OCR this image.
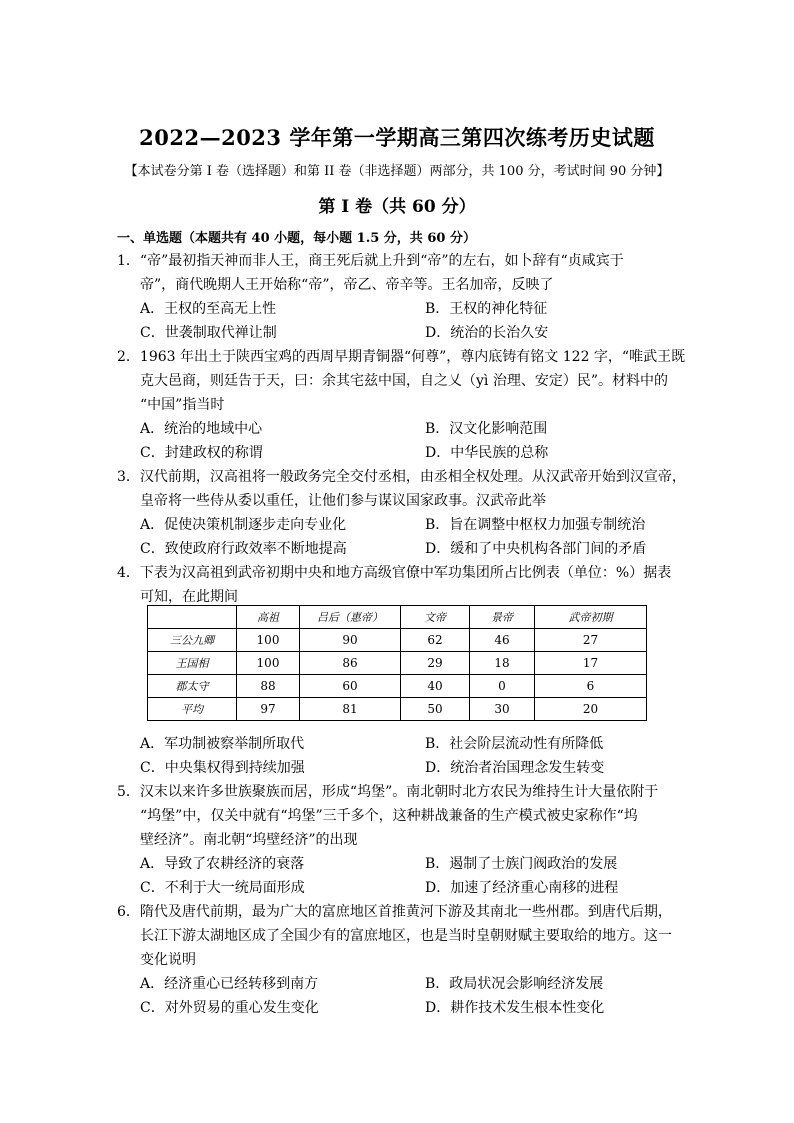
2022—2023 学年第一学期高三第四次练考历史试题
【本试卷分第 I 卷（选择题）和第 II 卷（非选择题）两部分，共 100 分，考试时间 90 分钟】
第 I 卷（共 60 分）
一、单选题（本题共有 40 小题，每小题 1.5 分，共 60 分）
1．“帝”最初指天神而非人王，商王死后就上升到“帝”的左右，如卜辞有“贞咸宾于
帝”，商代晚期人王开始称“帝”，帝乙、帝辛等。王名加帝，反映了
A．王权的至高无上性	B．王权的神化特征
C．世袭制取代禅让制	D．统治的长治久安
2．1963 年出土于陕西宝鸡的西周早期青铜器“何尊”，尊内底铸有铭文 122 字，“唯武王既
克大邑商，则廷告于天，曰：余其宅兹中国，自之乂（yì 治理、安定）民”。材料中的
“中国”指当时
A．统治的地域中心	B．汉文化影响范围
C．封建政权的称谓	D．中华民族的总称
3．汉代前期，汉高祖将一般政务完全交付丞相，由丞相全权处理。从汉武帝开始到汉宣帝，
皇帝将一些侍从委以重任，让他们参与谋议国家政事。汉武帝此举
A．促使决策机制逐步走向专业化	B．旨在调整中枢权力加强专制统治
C．致使政府行政效率不断地提高	D．缓和了中央机构各部门间的矛盾
4．下表为汉高祖到武帝初期中央和地方高级官僚中军功集团所占比例表（单位：%）据表
可知，在此期间
	高祖	吕后（惠帝）	文帝	景帝	武帝初期
三公九卿	100	90	62	46	27
王国相	100	86	29	18	17
郡太守	88	60	40	0	6
平均	97	81	50	30	20
A．军功制被察举制所取代	B．社会阶层流动性有所降低
C．中央集权得到持续加强	D．统治者治国理念发生转变
5．汉末以来许多世族聚族而居，形成“坞堡”。南北朝时北方农民为维持生计大量依附于
“坞堡”中，仅关中就有“坞堡”三千多个，这种耕战兼备的生产模式被史家称作“坞
壁经济”。南北朝“坞壁经济”的出现
A．导致了农耕经济的衰落	B．遏制了士族门阀政治的发展
C．不利于大一统局面形成	D．加速了经济重心南移的进程
6．隋代及唐代前期，最为广大的富庶地区首推黄河下游及其南北一些州郡。到唐代后期，
长江下游太湖地区成了全国少有的富庶地区，也是当时皇朝财赋主要取给的地方。这一
变化说明
A．经济重心已经转移到南方	B．政局状况会影响经济发展
C．对外贸易的重心发生变化	D．耕作技术发生根本性变化
